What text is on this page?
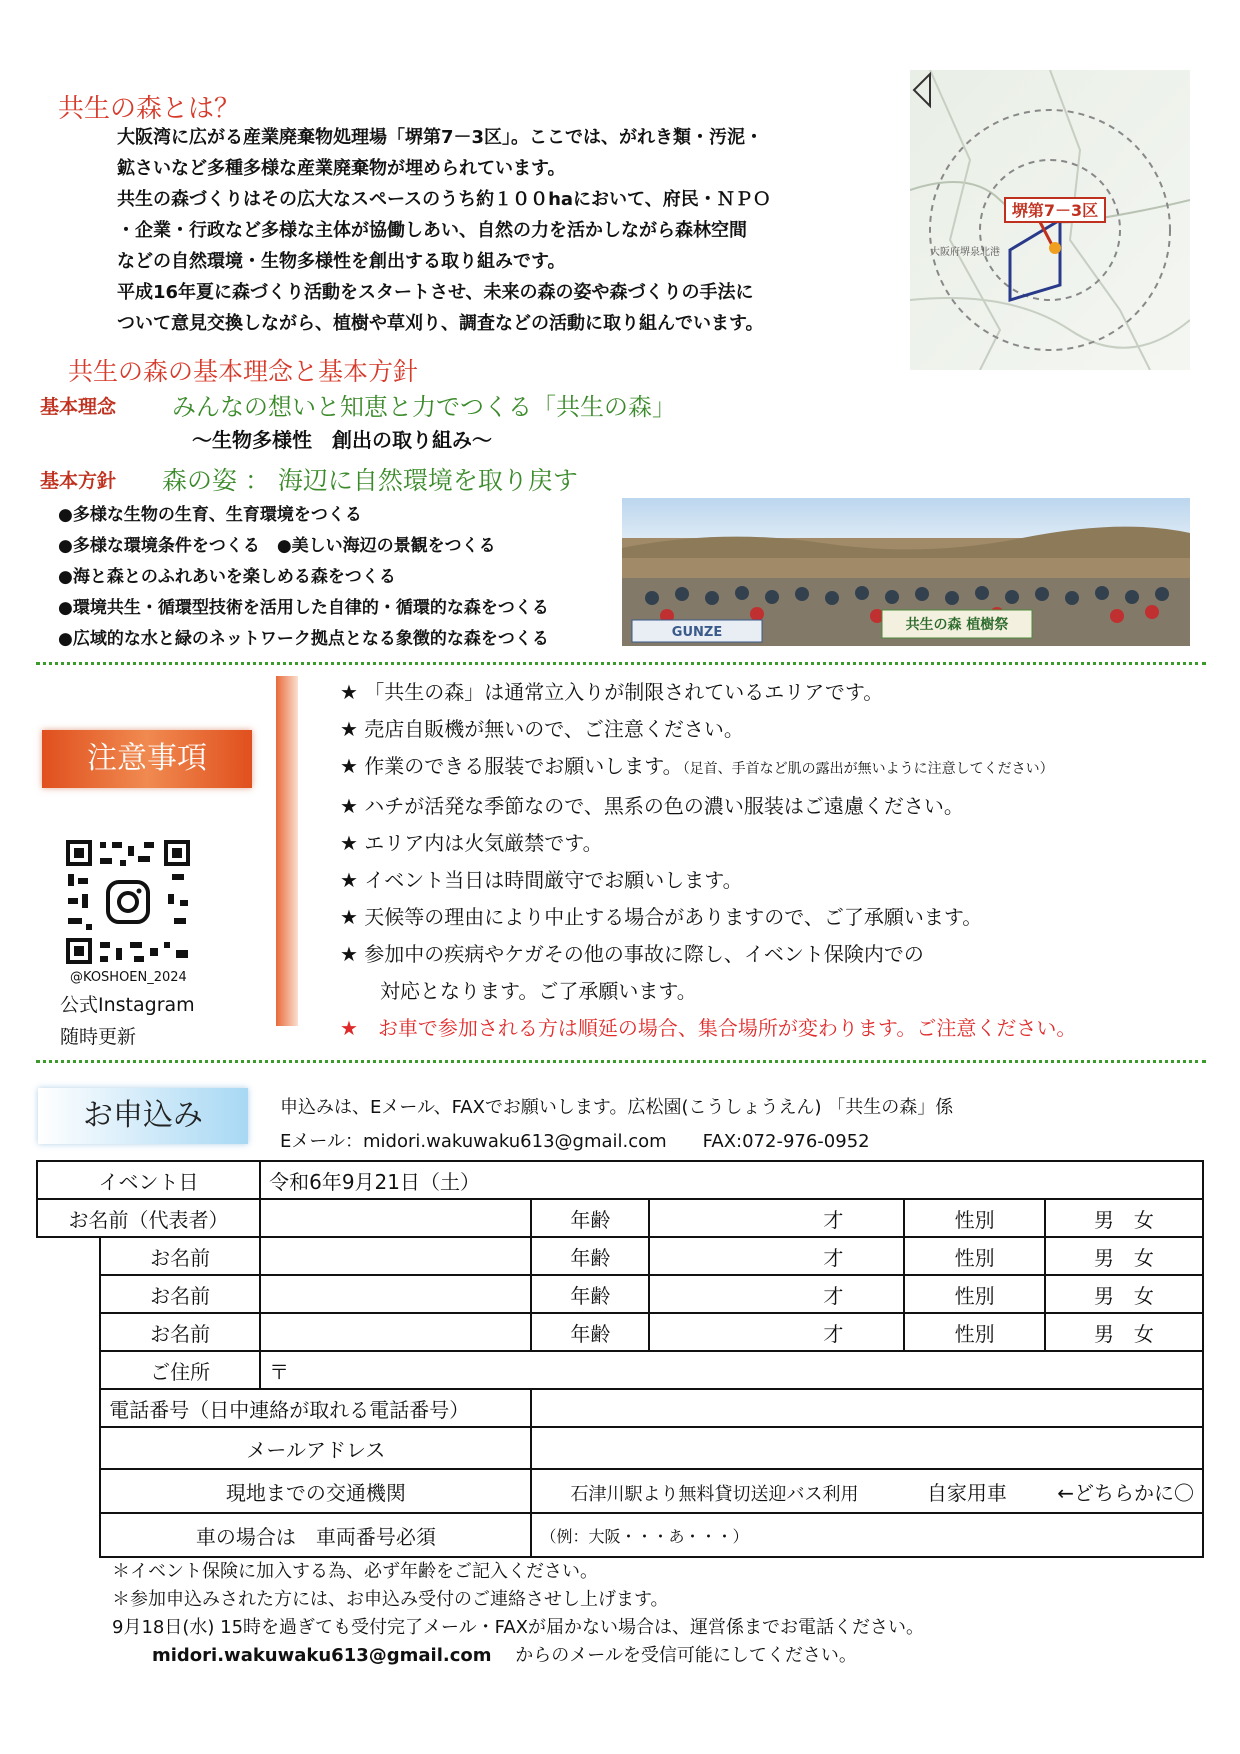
共生の森とは？
大阪湾に広がる産業廃棄物処理場「堺第7－3区」。ここでは、がれき類・汚泥・
鉱さいなど多種多様な産業廃棄物が埋められています。
共生の森づくりはその広大なスペースのうち約１００haにおいて、府民・ＮＰＯ
・企業・行政など多様な主体が協働しあい、自然の力を活かしながら森林空間
などの自然環境・生物多様性を創出する取り組みです。
平成16年夏に森づくり活動をスタートさせ、未来の森の姿や森づくりの手法に
ついて意見交換しながら、植樹や草刈り、調査などの活動に取り組んでいます。
堺第7－3区
大阪府堺泉北港
共生の森の基本理念と基本方針
基本理念 みんなの想いと知恵と力でつくる「共生の森」
～生物多様性　創出の取り組み～
基本方針 森の姿 ： 海辺に自然環境を取り戻す
●多様な生物の生育、生育環境をつくる
●多様な環境条件をつくる　●美しい海辺の景観をつくる
●海と森とのふれあいを楽しめる森をつくる
●環境共生・循環型技術を活用した自律的・循環的な森をつくる
●広域的な水と緑のネットワーク拠点となる象徴的な森をつくる	GUNZE	共生の森 植樹祭
注意事項
@KOSHOEN_2024
公式Instagram
随時更新
★ 「共生の森」は通常立入りが制限されているエリアです。
★ 売店自販機が無いので、ご注意ください。
★ 作業のできる服装でお願いします。（足首、手首など肌の露出が無いように注意してください）
★ ハチが活発な季節なので、黒系の色の濃い服装はご遠慮ください。
★ エリア内は火気厳禁です。
★ イベント当日は時間厳守でお願いします。
★ 天候等の理由により中止する場合がありますので、ご了承願います。
★ 参加中の疾病やケガその他の事故に際し、イベント保険内での
　　対応となります。ご了承願います。
★　 お車で参加される方は順延の場合、集合場所が変わります。ご注意ください。
お申込み	申込みは、Eメール、FAXでお願いします。広松園(こうしょうえん) 「共生の森」係
Eメール：midori.wakuwaku613@gmail.com　　FAX:072-976-0952
イベント日		令和6年9月21日（土）				
お名前（代表者）			年齢	才	性別	男　女
	お名前		年齢	才	性別	男　女
	お名前		年齢	才	性別	男　女
	お名前		年齢	才	性別	男　女
	ご住所	〒				
	電話番号（日中連絡が取れる電話番号）					
	メールアドレス					
	現地までの交通機関		石津川駅より無料貸切送迎バス利用 自家用車 ←どちらかに〇			
	車の場合は　車両番号必須		（例：大阪・・・あ・・・）			
＊イベント保険に加入する為、必ず年齢をご記入ください。
＊参加申込みされた方には、お申込み受付のご連絡させし上げます。
9月18日(水) 15時を過ぎても受付完了メール・FAXが届かない場合は、運営係までお電話ください。
midori.wakuwaku613@gmail.com　 からのメールを受信可能にしてください。
